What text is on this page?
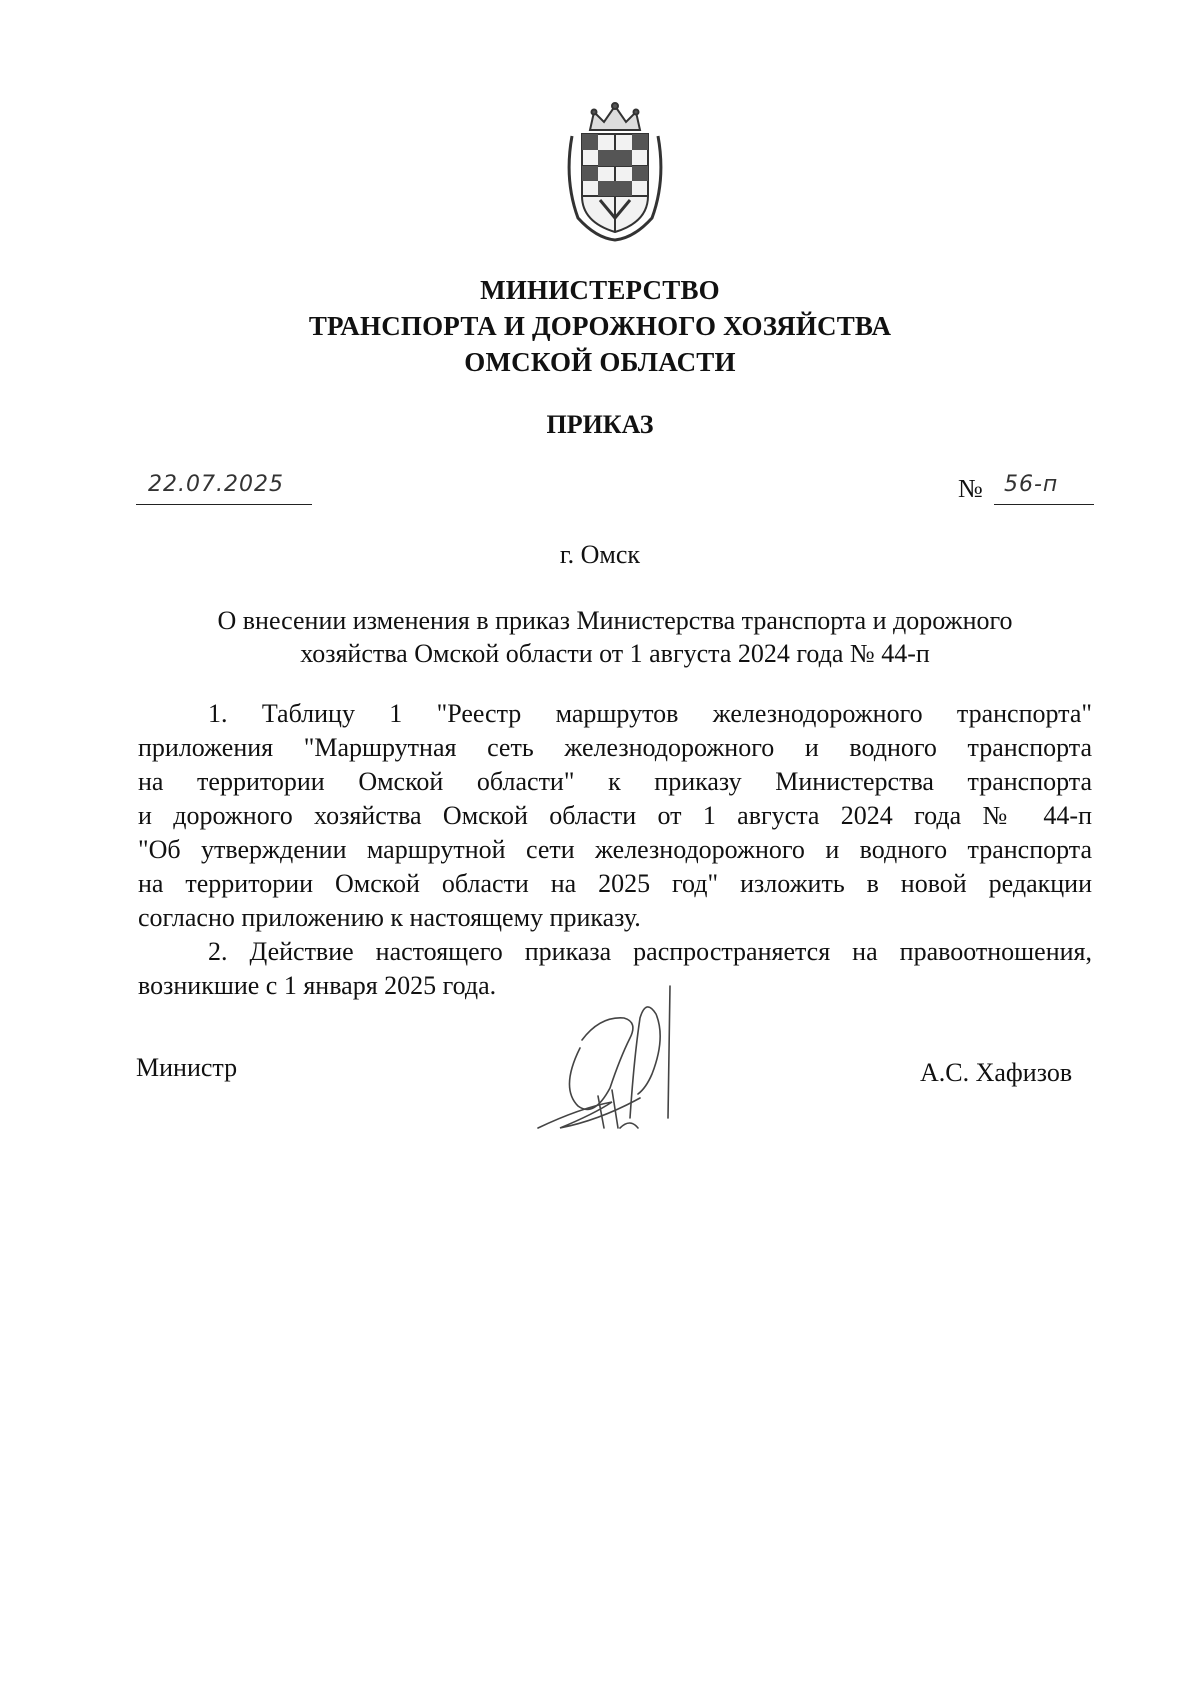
МИНИСТЕРСТВО
ТРАНСПОРТА И ДОРОЖНОГО ХОЗЯЙСТВА
ОМСКОЙ ОБЛАСТИ
ПРИКАЗ
22.07.2025	№ 56-п
г. Омск
О внесении изменения в приказ Министерства транспорта и дорожного
хозяйства Омской области от 1 августа 2024 года № 44-п

1. Таблицу 1 "Реестр маршрутов железнодорожного транспорта"
приложения "Маршрутная сеть железнодорожного и водного транспорта
на территории Омской области" к приказу Министерства транспорта
и дорожного хозяйства Омской области от 1 августа 2024 года № 44-п
"Об утверждении маршрутной сети железнодорожного и водного транспорта
на территории Омской области на 2025 год" изложить в новой редакции
согласно приложению к настоящему приказу.

2. Действие настоящего приказа распространяется на правоотношения,
возникшие с 1 января 2025 года.

Министр	А.С. Хафизов
